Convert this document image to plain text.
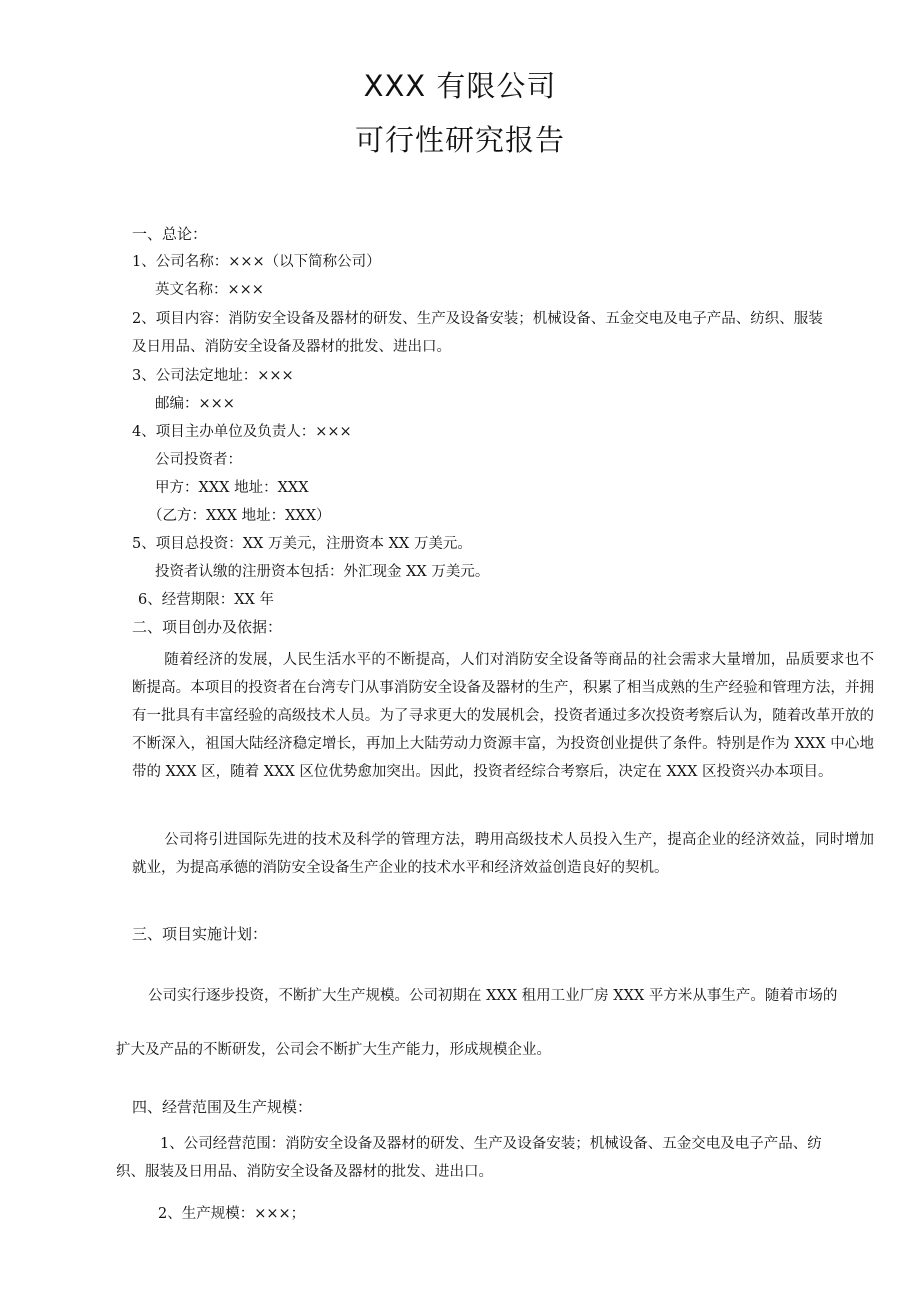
XXX 有限公司
可行性研究报告
一、总论：
1、公司名称：×××（以下简称公司）
英文名称：×××
2、项目内容：消防安全设备及器材的研发、生产及设备安装；机械设备、五金交电及电子产品、纺织、服装
及日用品、消防安全设备及器材的批发、进出口。
3、公司法定地址：×××
邮编：×××
4、项目主办单位及负责人：×××
公司投资者：
甲方：XXX 地址：XXX
（乙方：XXX 地址：XXX）
5、项目总投资：XX 万美元，注册资本 XX 万美元。
投资者认缴的注册资本包括：外汇现金 XX 万美元。
6、经营期限：XX 年
二、项目创办及依据：
随着经济的发展，人民生活水平的不断提高，人们对消防安全设备等商品的社会需求大量增加，品质要求也不断提高。本项目的投资者在台湾专门从事消防安全设备及器材的生产，积累了相当成熟的生产经验和管理方法，并拥有一批具有丰富经验的高级技术人员。为了寻求更大的发展机会，投资者通过多次投资考察后认为，随着改革开放的不断深入，祖国大陆经济稳定增长，再加上大陆劳动力资源丰富，为投资创业提供了条件。特别是作为 XXX 中心地带的 XXX 区，随着 XXX 区位优势愈加突出。因此，投资者经综合考察后，决定在 XXX 区投资兴办本项目。
公司将引进国际先进的技术及科学的管理方法，聘用高级技术人员投入生产，提高企业的经济效益，同时增加就业，为提高承德的消防安全设备生产企业的技术水平和经济效益创造良好的契机。
三、项目实施计划：
公司实行逐步投资，不断扩大生产规模。公司初期在 XXX 租用工业厂房 XXX 平方米从事生产。随着市场的
扩大及产品的不断研发，公司会不断扩大生产能力，形成规模企业。
四、经营范围及生产规模：
1、公司经营范围：消防安全设备及器材的研发、生产及设备安装；机械设备、五金交电及电子产品、纺
织、服装及日用品、消防安全设备及器材的批发、进出口。
2、生产规模：×××；
